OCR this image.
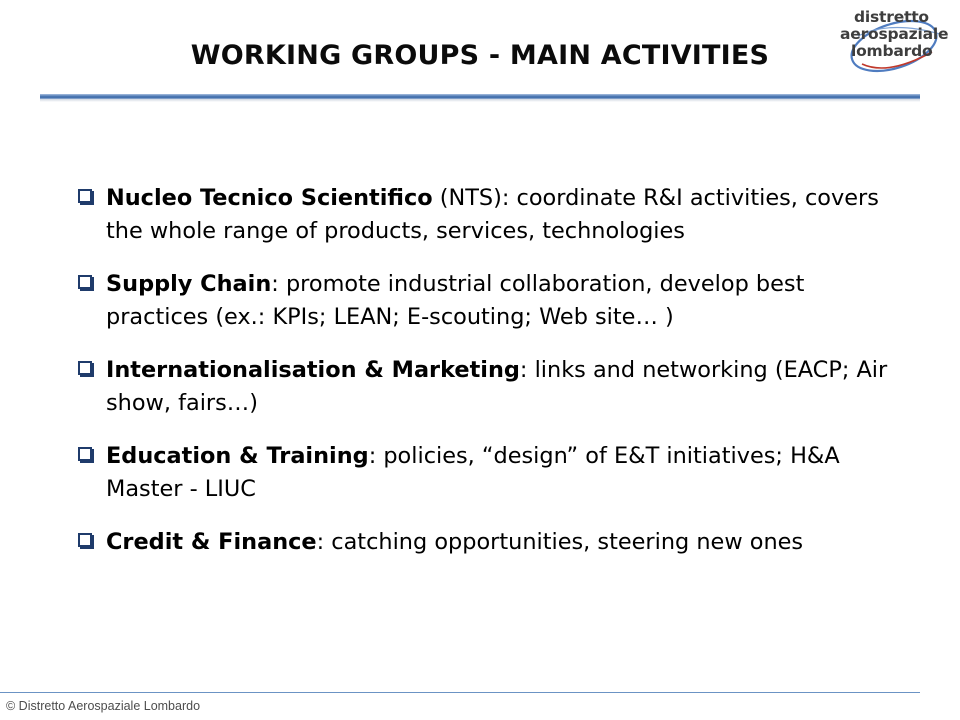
distretto
aerospaziale
lombardo
WORKING GROUPS - MAIN ACTIVITIES
Nucleo Tecnico Scientifico (NTS): coordinate R&I activities, covers the whole range of products, services, technologies
Supply Chain: promote industrial collaboration, develop best practices (ex.: KPIs; LEAN; E-scouting; Web site… )
Internationalisation & Marketing: links and networking (EACP; Air show, fairs…)
Education & Training: policies, “design” of E&T initiatives; H&A Master - LIUC
Credit & Finance: catching opportunities, steering new ones
© Distretto Aerospaziale Lombardo
